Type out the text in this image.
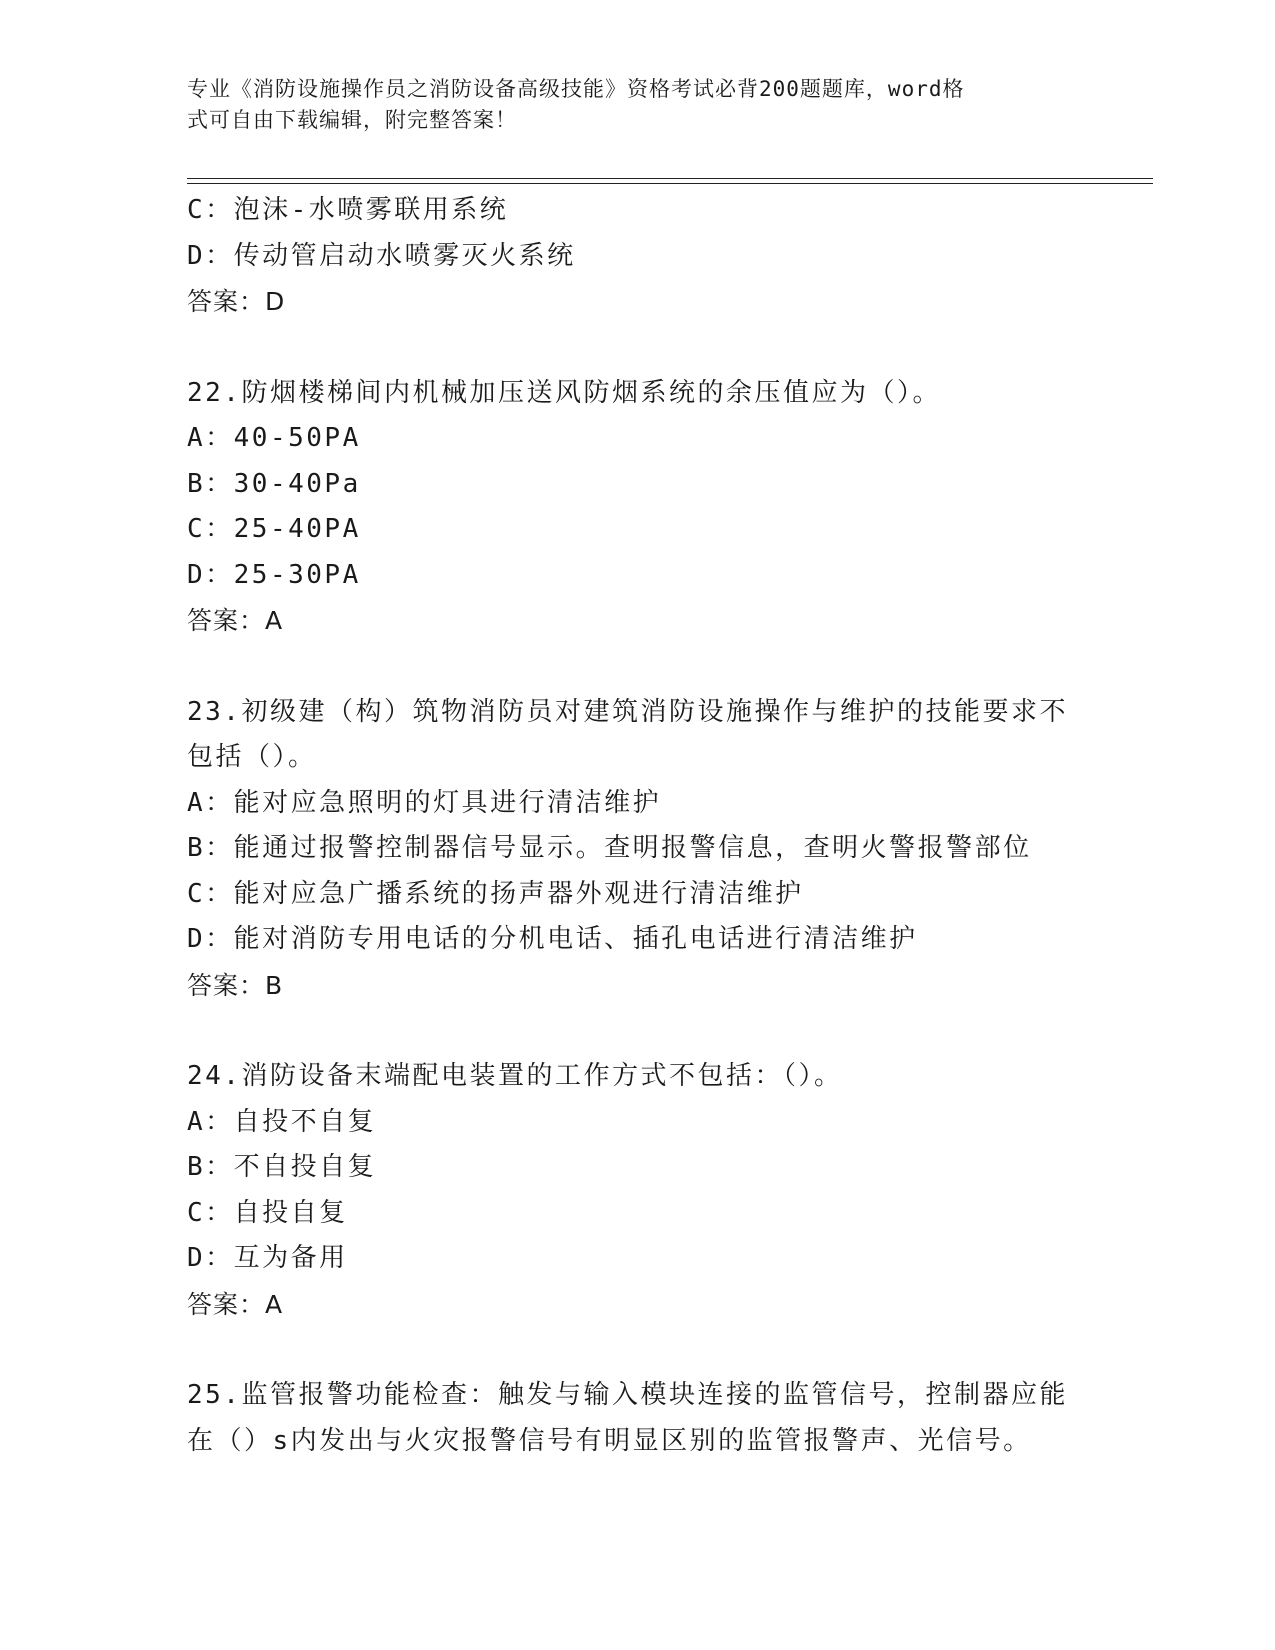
专业《消防设施操作员之消防设备高级技能》资格考试必背200题题库，word格
式可自由下载编辑，附完整答案！
C：泡沫-水喷雾联用系统
D：传动管启动水喷雾灭火系统
答案：D
22.防烟楼梯间内机械加压送风防烟系统的余压值应为（）。
A：40-50PA
B：30-40Pa
C：25-40PA
D：25-30PA
答案：A
23.初级建（构）筑物消防员对建筑消防设施操作与维护的技能要求不
包括（）。
A：能对应急照明的灯具进行清洁维护
B：能通过报警控制器信号显示。查明报警信息，查明火警报警部位
C：能对应急广播系统的扬声器外观进行清洁维护
D：能对消防专用电话的分机电话、插孔电话进行清洁维护
答案：B
24.消防设备末端配电装置的工作方式不包括：（）。
A：自投不自复
B：不自投自复
C：自投自复
D：互为备用
答案：A
25.监管报警功能检查：触发与输入模块连接的监管信号，控制器应能
在（）s内发出与火灾报警信号有明显区别的监管报警声、光信号。
